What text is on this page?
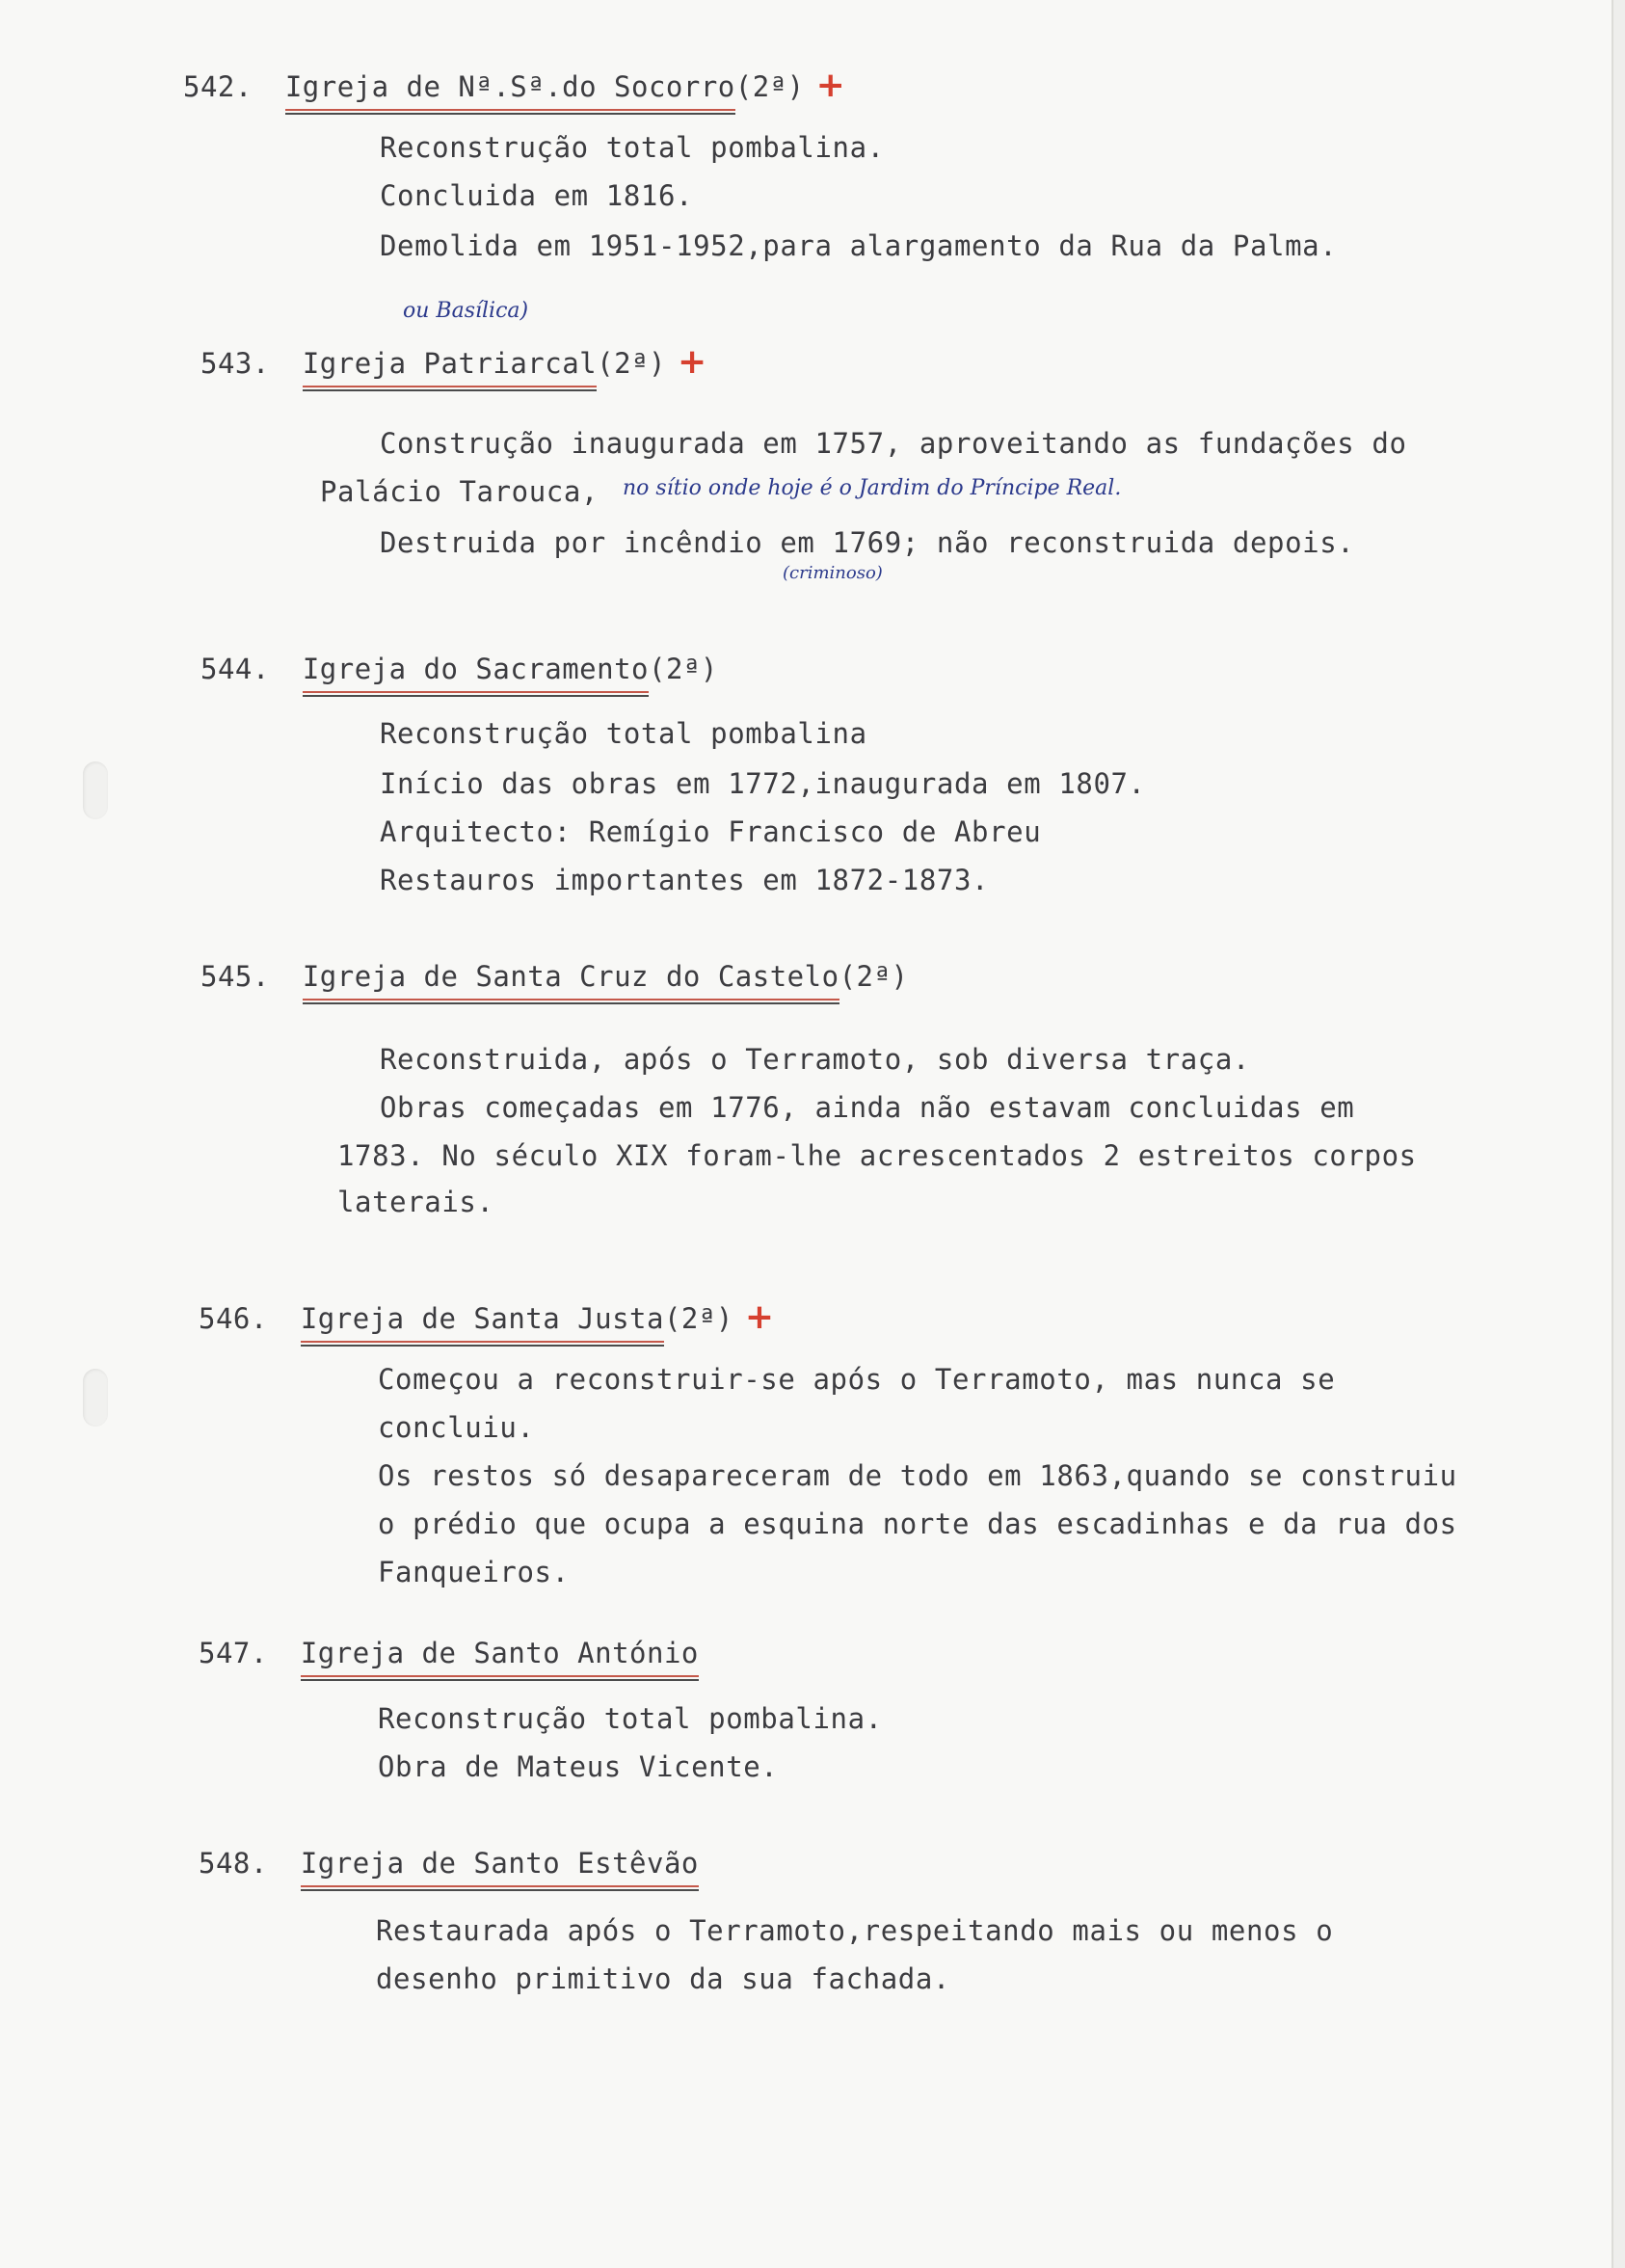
542. Igreja de Nª.Sª.do Socorro(2ª) +
Reconstrução total pombalina.
Concluida em 1816.
Demolida em 1951-1952,para alargamento da Rua da Palma.
ou Basílica)
543. Igreja Patriarcal(2ª) +
Construção inaugurada em 1757, aproveitando as fundações do
Palácio Tarouca, no sítio onde hoje é o Jardim do Príncipe Real.
Destruida por incêndio em 1769; não reconstruida depois.
(criminoso)
544. Igreja do Sacramento(2ª)
Reconstrução total pombalina
Início das obras em 1772,inaugurada em 1807.
Arquitecto: Remígio Francisco de Abreu
Restauros importantes em 1872-1873.
545. Igreja de Santa Cruz do Castelo(2ª)
Reconstruida, após o Terramoto, sob diversa traça.
Obras começadas em 1776, ainda não estavam concluidas em
1783. No século XIX foram-lhe acrescentados 2 estreitos corpos
laterais.
546. Igreja de Santa Justa(2ª) +
Começou a reconstruir-se após o Terramoto, mas nunca se
concluiu.
Os restos só desapareceram de todo em 1863,quando se construiu
o prédio que ocupa a esquina norte das escadinhas e da rua dos
Fanqueiros.
547. Igreja de Santo António
Reconstrução total pombalina.
Obra de Mateus Vicente.
548. Igreja de Santo Estêvão
Restaurada após o Terramoto,respeitando mais ou menos o
desenho primitivo da sua fachada.
